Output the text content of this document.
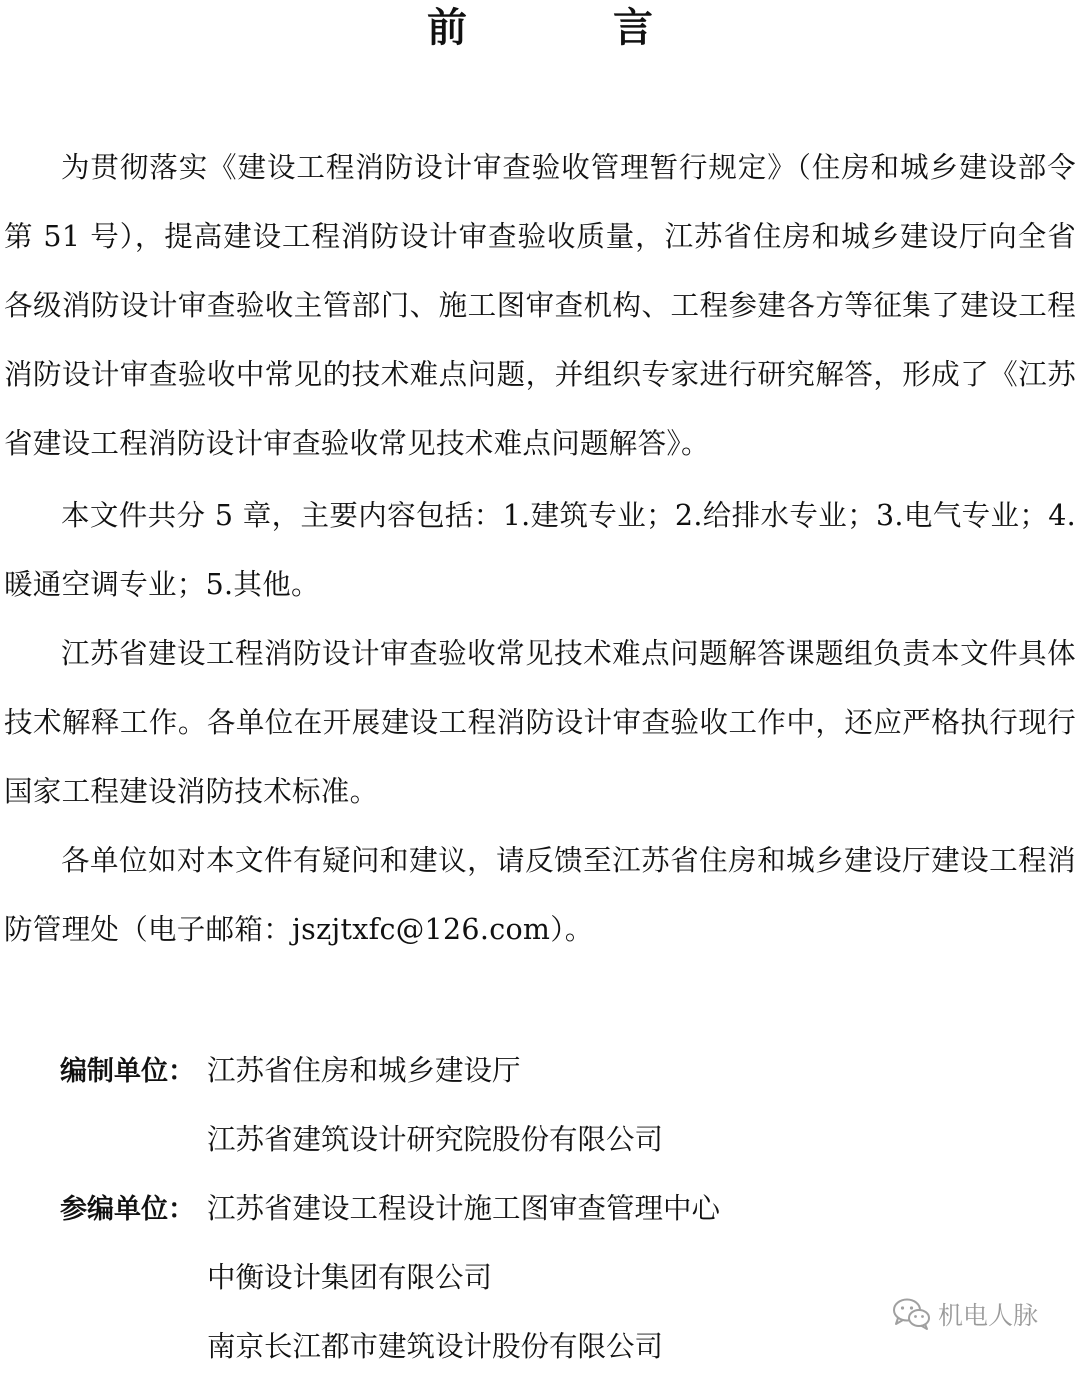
前 言

为贯彻落实《建设工程消防设计审查验收管理暂行规定》（住房和城乡建设部令第 51 号），提高建设工程消防设计审查验收质量，江苏省住房和城乡建设厅向全省各级消防设计审查验收主管部门、施工图审查机构、工程参建各方等征集了建设工程消防设计审查验收中常见的技术难点问题，并组织专家进行研究解答，形成了《江苏省建设工程消防设计审查验收常见技术难点问题解答》。

本文件共分 5 章，主要内容包括：1.建筑专业；2.给排水专业；3.电气专业；4.暖通空调专业；5.其他。

江苏省建设工程消防设计审查验收常见技术难点问题解答课题组负责本文件具体技术解释工作。各单位在开展建设工程消防设计审查验收工作中，还应严格执行现行国家工程建设消防技术标准。

各单位如对本文件有疑问和建议，请反馈至江苏省住房和城乡建设厅建设工程消防管理处（电子邮箱：jszjtxfc@126.com）。

编制单位： 江苏省住房和城乡建设厅
江苏省建筑设计研究院股份有限公司
参编单位： 江苏省建设工程设计施工图审查管理中心
中衡设计集团有限公司
南京长江都市建筑设计股份有限公司
机电人脉
